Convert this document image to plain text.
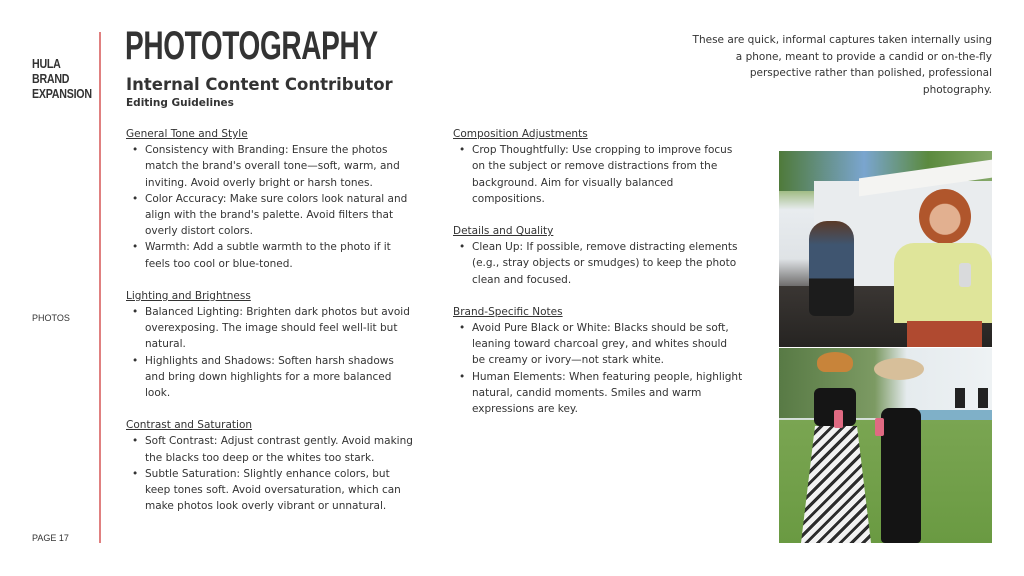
HULA
BRAND
EXPANSION
PHOTOS
PAGE 17
PHOTOTOGRAPHY
Internal Content Contributor
Editing Guidelines
These are quick, informal captures taken internally using a phone, meant to provide a candid or on-the-fly perspective rather than polished, professional photography.
General Tone and Style
• Consistency with Branding: Ensure the photos match the brand's overall tone—soft, warm, and inviting. Avoid overly bright or harsh tones.
• Color Accuracy: Make sure colors look natural and align with the brand's palette. Avoid filters that overly distort colors.
• Warmth: Add a subtle warmth to the photo if it feels too cool or blue-toned.
Lighting and Brightness
• Balanced Lighting: Brighten dark photos but avoid overexposing. The image should feel well-lit but natural.
• Highlights and Shadows: Soften harsh shadows and bring down highlights for a more balanced look.
Contrast and Saturation
• Soft Contrast: Adjust contrast gently. Avoid making the blacks too deep or the whites too stark.
• Subtle Saturation: Slightly enhance colors, but keep tones soft. Avoid oversaturation, which can make photos look overly vibrant or unnatural.
Composition Adjustments
• Crop Thoughtfully: Use cropping to improve focus on the subject or remove distractions from the background. Aim for visually balanced compositions.
Details and Quality
• Clean Up: If possible, remove distracting elements (e.g., stray objects or smudges) to keep the photo clean and focused.
Brand-Specific Notes
• Avoid Pure Black or White: Blacks should be soft, leaning toward charcoal grey, and whites should be creamy or ivory—not stark white.
• Human Elements: When featuring people, highlight natural, candid moments. Smiles and warm expressions are key.
